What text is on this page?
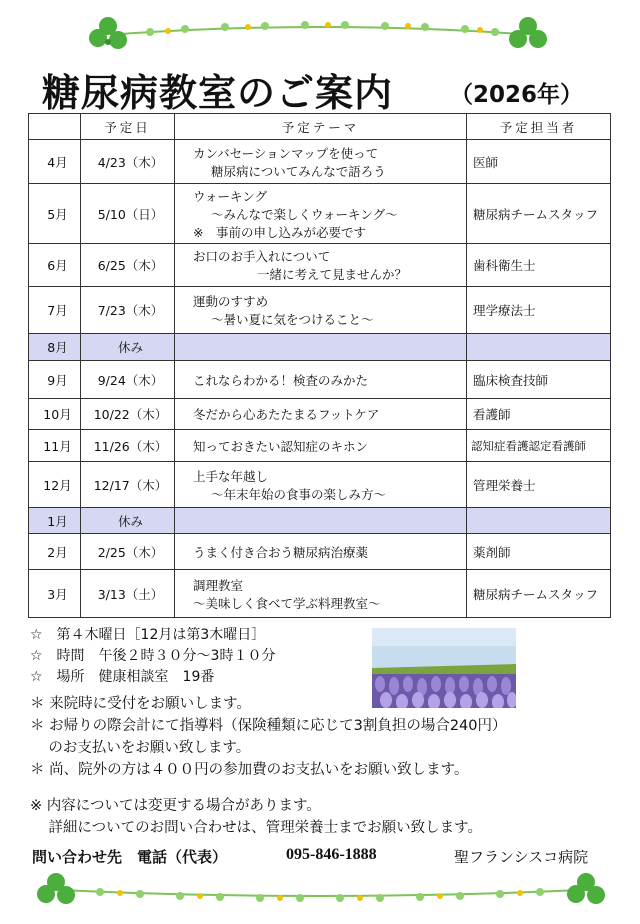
糖尿病教室のご案内 （2026年）
	予定日	予定テーマ	予定担当者
4月	4/23（木）	カンバセーションマップを使って
糖尿病についてみんなで語ろう	医師
5月	5/10（日）	ウォーキング
～みんなで楽しくウォーキング～
※　事前の申し込みが必要です	糖尿病チームスタッフ
6月	6/25（木）	お口のお手入れについて
一緒に考えて見ませんか？	歯科衛生士
7月	7/23（木）	運動のすすめ
～暑い夏に気をつけること～	理学療法士
8月	休み		
9月	9/24（木）	これならわかる！検査のみかた	臨床検査技師
10月	10/22（木）	冬だから心あたたまるフットケア	看護師
11月	11/26（木）	知っておきたい認知症のキホン	認知症看護認定看護師
12月	12/17（木）	上手な年越し
～年末年始の食事の楽しみ方～	管理栄養士
1月	休み		
2月	2/25（木）	うまく付き合おう糖尿病治療薬	薬剤師
3月	3/13（土）	調理教室
～美味しく食べて学ぶ料理教室～	糖尿病チームスタッフ
☆　第４木曜日［12月は第3木曜日］
☆　時間　午後２時３０分～3時１０分
☆　場所　健康相談室　19番
＊ 来院時に受付をお願いします。
＊ お帰りの際会計にて指導料（保険種類に応じて3割負担の場合240円）
のお支払いをお願い致します。
＊ 尚、院外の方は４００円の参加費のお支払いをお願い致します。
※ 内容については変更する場合があります。
詳細についてのお問い合わせは、管理栄養士までお願い致します。
問い合わせ先　電話（代表）	095-846-1888	聖フランシスコ病院
